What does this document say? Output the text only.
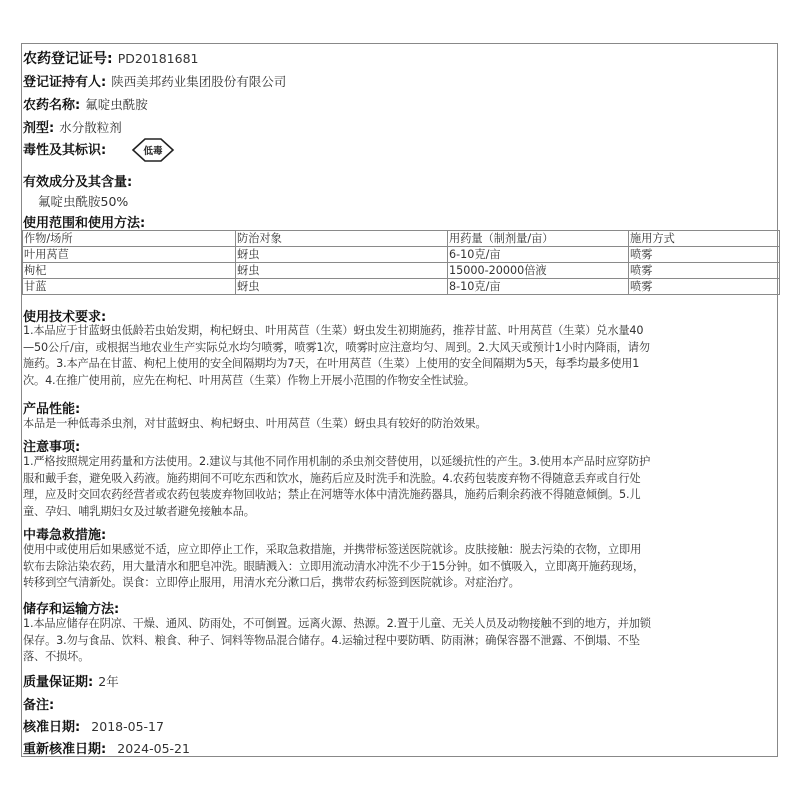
农药登记证号: PD20181681
登记证持有人: 陕西美邦药业集团股份有限公司
农药名称: 氟啶虫酰胺
剂型: 水分散粒剂
毒性及其标识:	低毒
有效成分及其含量:
氟啶虫酰胺50%
使用范围和使用方法:
作物/场所	防治对象	用药量（制剂量/亩）	施用方式
叶用莴苣	蚜虫	6-10克/亩	喷雾
枸杞	蚜虫	15000-20000倍液	喷雾
甘蓝	蚜虫	8-10克/亩	喷雾
使用技术要求:
1.本品应于甘蓝蚜虫低龄若虫始发期，枸杞蚜虫、叶用莴苣（生菜）蚜虫发生初期施药，推荐甘蓝、叶用莴苣（生菜）兑水量40
—50公斤/亩，或根据当地农业生产实际兑水均匀喷雾，喷雾1次，喷雾时应注意均匀、周到。2.大风天或预计1小时内降雨，请勿
施药。3.本产品在甘蓝、枸杞上使用的安全间隔期均为7天，在叶用莴苣（生菜）上使用的安全间隔期为5天，每季均最多使用1
次。4.在推广使用前，应先在枸杞、叶用莴苣（生菜）作物上开展小范围的作物安全性试验。
产品性能:
本品是一种低毒杀虫剂，对甘蓝蚜虫、枸杞蚜虫、叶用莴苣（生菜）蚜虫具有较好的防治效果。
注意事项:
1.严格按照规定用药量和方法使用。2.建议与其他不同作用机制的杀虫剂交替使用，以延缓抗性的产生。3.使用本产品时应穿防护
服和戴手套，避免吸入药液。施药期间不可吃东西和饮水，施药后应及时洗手和洗脸。4.农药包装废弃物不得随意丢弃或自行处
理，应及时交回农药经营者或农药包装废弃物回收站；禁止在河塘等水体中清洗施药器具，施药后剩余药液不得随意倾倒。5.儿
童、孕妇、哺乳期妇女及过敏者避免接触本品。
中毒急救措施:
使用中或使用后如果感觉不适，应立即停止工作，采取急救措施，并携带标签送医院就诊。皮肤接触：脱去污染的衣物，立即用
软布去除沾染农药，用大量清水和肥皂冲洗。眼睛溅入：立即用流动清水冲洗不少于15分钟。如不慎吸入，立即离开施药现场，
转移到空气清新处。误食：立即停止服用，用清水充分漱口后，携带农药标签到医院就诊。对症治疗。
储存和运输方法:
1.本品应储存在阴凉、干燥、通风、防雨处，不可倒置。远离火源、热源。2.置于儿童、无关人员及动物接触不到的地方，并加锁
保存。3.勿与食品、饮料、粮食、种子、饲料等物品混合储存。4.运输过程中要防晒、防雨淋；确保容器不泄露、不倒塌、不坠
落、不损坏。
质量保证期: 2年
备注:
核准日期: 2018-05-17
重新核准日期: 2024-05-21
